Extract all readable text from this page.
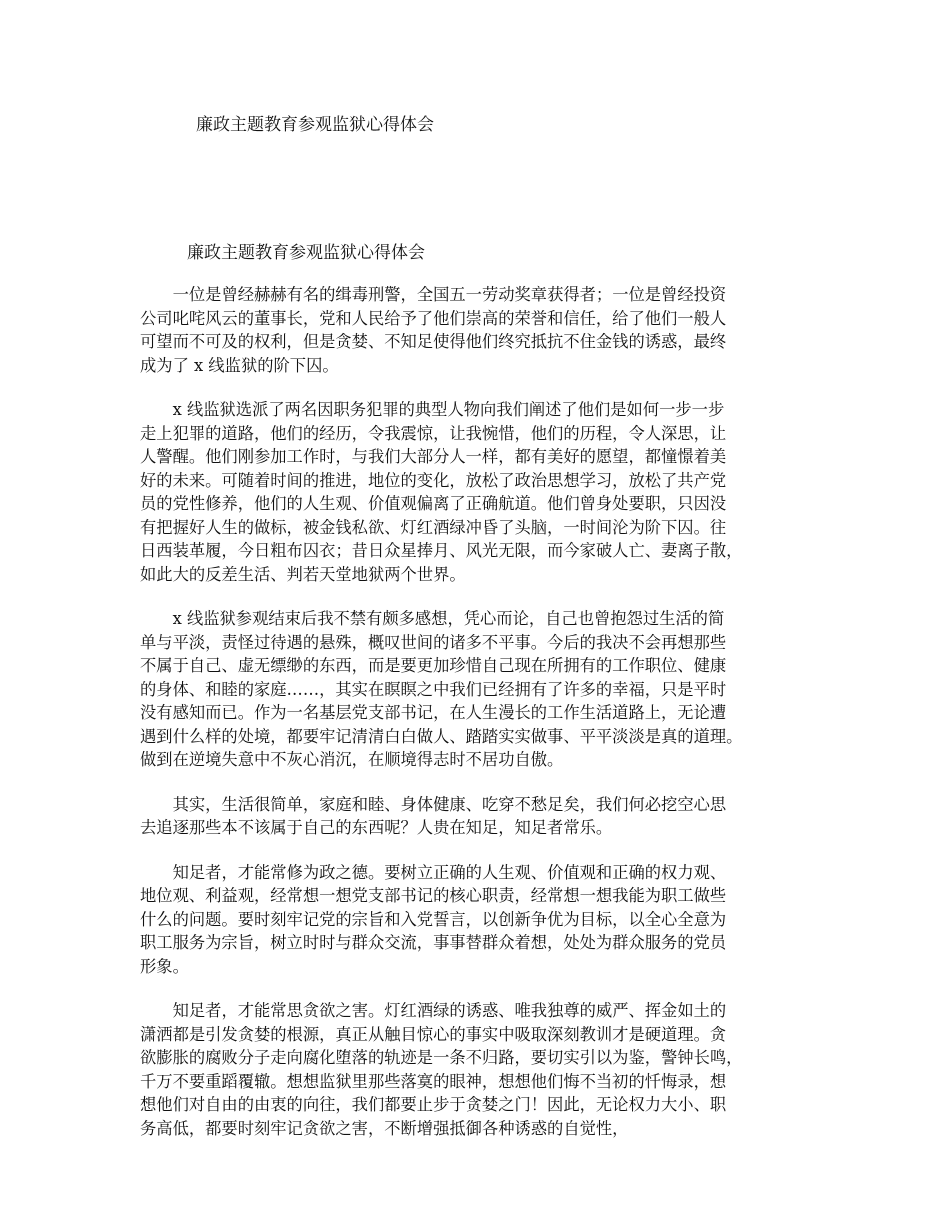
廉政主题教育参观监狱心得体会
廉政主题教育参观监狱心得体会

一位是曾经赫赫有名的缉毒刑警，全国五一劳动奖章获得者；一位是曾经投资
公司叱咤风云的董事长，党和人民给予了他们崇高的荣誉和信任，给了他们一般人
可望而不可及的权利，但是贪婪、不知足使得他们终究抵抗不住金钱的诱惑，最终
成为了 x 线监狱的阶下囚。

x 线监狱选派了两名因职务犯罪的典型人物向我们阐述了他们是如何一步一步
走上犯罪的道路，他们的经历，令我震惊，让我惋惜，他们的历程，令人深思，让
人警醒。他们刚参加工作时，与我们大部分人一样，都有美好的愿望，都憧憬着美
好的未来。可随着时间的推进，地位的变化，放松了政治思想学习，放松了共产党
员的党性修养，他们的人生观、价值观偏离了正确航道。他们曾身处要职，只因没
有把握好人生的做标，被金钱私欲、灯红酒绿冲昏了头脑，一时间沦为阶下囚。往
日西装革履，今日粗布囚衣；昔日众星捧月、风光无限，而今家破人亡、妻离子散，
如此大的反差生活、判若天堂地狱两个世界。

x 线监狱参观结束后我不禁有颇多感想，凭心而论，自己也曾抱怨过生活的简
单与平淡，责怪过待遇的悬殊，概叹世间的诸多不平事。今后的我决不会再想那些
不属于自己、虚无缥缈的东西，而是要更加珍惜自己现在所拥有的工作职位、健康
的身体、和睦的家庭……，其实在瞑瞑之中我们已经拥有了许多的幸福，只是平时
没有感知而已。作为一名基层党支部书记，在人生漫长的工作生活道路上，无论遭
遇到什么样的处境，都要牢记清清白白做人、踏踏实实做事、平平淡淡是真的道理。
做到在逆境失意中不灰心消沉，在顺境得志时不居功自傲。

其实，生活很简单，家庭和睦、身体健康、吃穿不愁足矣，我们何必挖空心思
去追逐那些本不该属于自己的东西呢？人贵在知足，知足者常乐。

知足者，才能常修为政之德。要树立正确的人生观、价值观和正确的权力观、
地位观、利益观，经常想一想党支部书记的核心职责，经常想一想我能为职工做些
什么的问题。要时刻牢记党的宗旨和入党誓言，以创新争优为目标，以全心全意为
职工服务为宗旨，树立时时与群众交流，事事替群众着想，处处为群众服务的党员
形象。

知足者，才能常思贪欲之害。灯红酒绿的诱惑、唯我独尊的威严、挥金如土的
潇洒都是引发贪婪的根源，真正从触目惊心的事实中吸取深刻教训才是硬道理。贪
欲膨胀的腐败分子走向腐化堕落的轨迹是一条不归路，要切实引以为鉴，警钟长鸣，
千万不要重蹈覆辙。想想监狱里那些落寞的眼神，想想他们悔不当初的忏悔录，想
想他们对自由的由衷的向往，我们都要止步于贪婪之门！因此，无论权力大小、职
务高低，都要时刻牢记贪欲之害，不断增强抵御各种诱惑的自觉性，
